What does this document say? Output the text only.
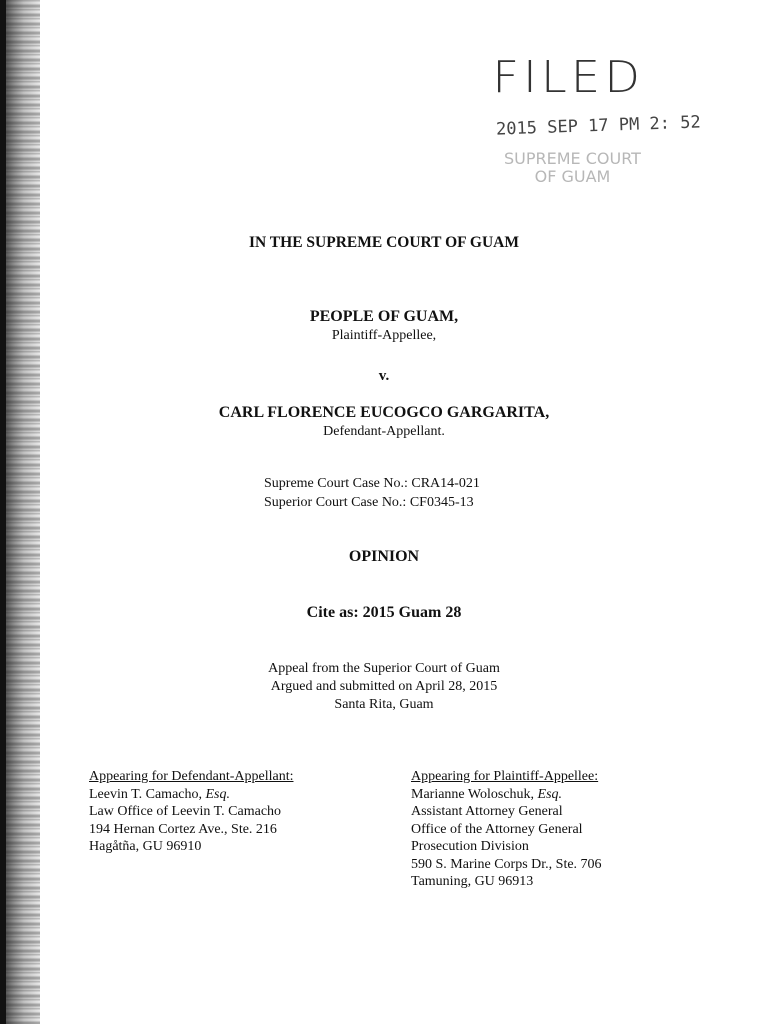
FILED
2015 SEP 17 PM 2: 52
SUPREME COURT
OF GUAM
IN THE SUPREME COURT OF GUAM
PEOPLE OF GUAM,
Plaintiff-Appellee,
v.
CARL FLORENCE EUCOGCO GARGARITA,
Defendant-Appellant.
Supreme Court Case No.: CRA14-021
Superior Court Case No.: CF0345-13
OPINION
Cite as: 2015 Guam 28
Appeal from the Superior Court of Guam
Argued and submitted on April 28, 2015
Santa Rita, Guam
Appearing for Defendant-Appellant:
Leevin T. Camacho, Esq.
Law Office of Leevin T. Camacho
194 Hernan Cortez Ave., Ste. 216
Hagåtña, GU 96910
Appearing for Plaintiff-Appellee:
Marianne Woloschuk, Esq.
Assistant Attorney General
Office of the Attorney General
Prosecution Division
590 S. Marine Corps Dr., Ste. 706
Tamuning, GU 96913
